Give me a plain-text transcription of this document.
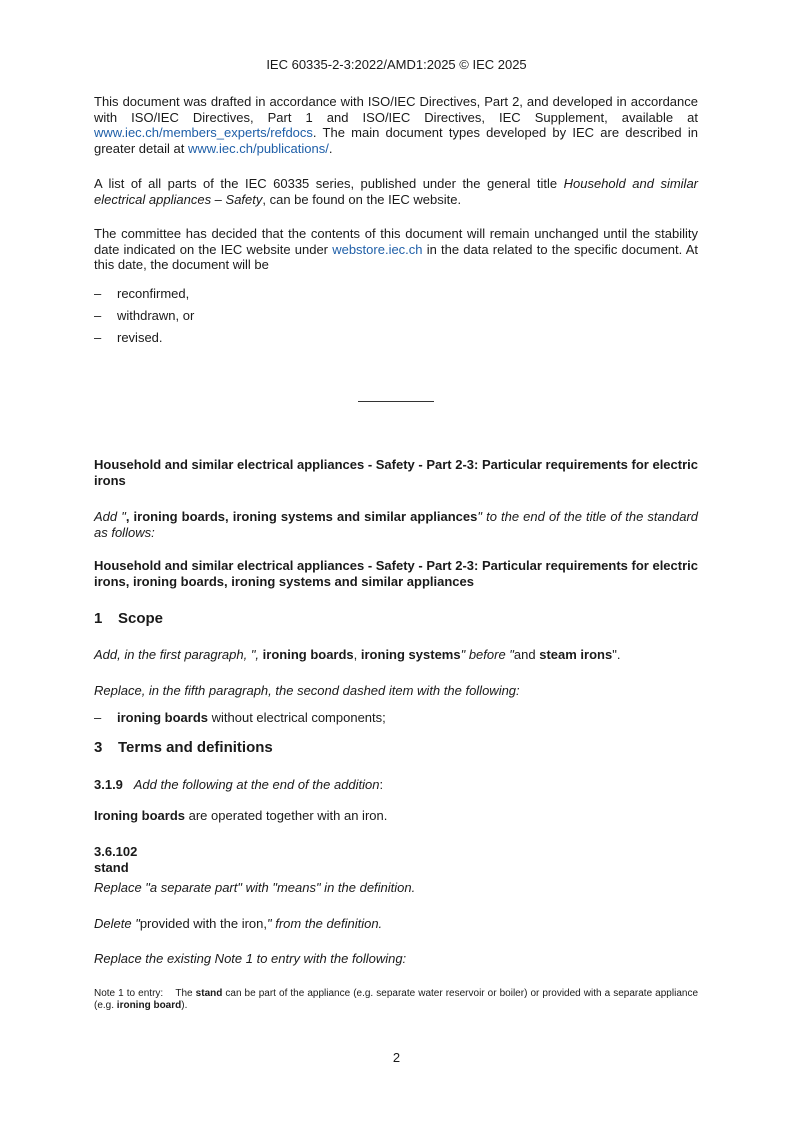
IEC 60335-2-3:2022/AMD1:2025 © IEC 2025
This document was drafted in accordance with ISO/IEC Directives, Part 2, and developed in accordance with ISO/IEC Directives, Part 1 and ISO/IEC Directives, IEC Supplement, available at www.iec.ch/members_experts/refdocs. The main document types developed by IEC are described in greater detail at www.iec.ch/publications/.
A list of all parts of the IEC 60335 series, published under the general title Household and similar electrical appliances – Safety, can be found on the IEC website.
The committee has decided that the contents of this document will remain unchanged until the stability date indicated on the IEC website under webstore.iec.ch in the data related to the specific document. At this date, the document will be
– reconfirmed,
– withdrawn, or
– revised.
Household and similar electrical appliances - Safety - Part 2-3: Particular requirements for electric irons
Add ", ironing boards, ironing systems and similar appliances" to the end of the title of the standard as follows:
Household and similar electrical appliances - Safety - Part 2-3: Particular requirements for electric irons, ironing boards, ironing systems and similar appliances
1 Scope
Add, in the first paragraph, ", ironing boards, ironing systems" before "and steam irons".
Replace, in the fifth paragraph, the second dashed item with the following:
– ironing boards without electrical components;
3 Terms and definitions
3.1.9 Add the following at the end of the addition:
Ironing boards are operated together with an iron.
3.6.102
stand
Replace "a separate part" with "means" in the definition.
Delete "provided with the iron," from the definition.
Replace the existing Note 1 to entry with the following:
Note 1 to entry: The stand can be part of the appliance (e.g. separate water reservoir or boiler) or provided with a separate appliance (e.g. ironing board).
2
